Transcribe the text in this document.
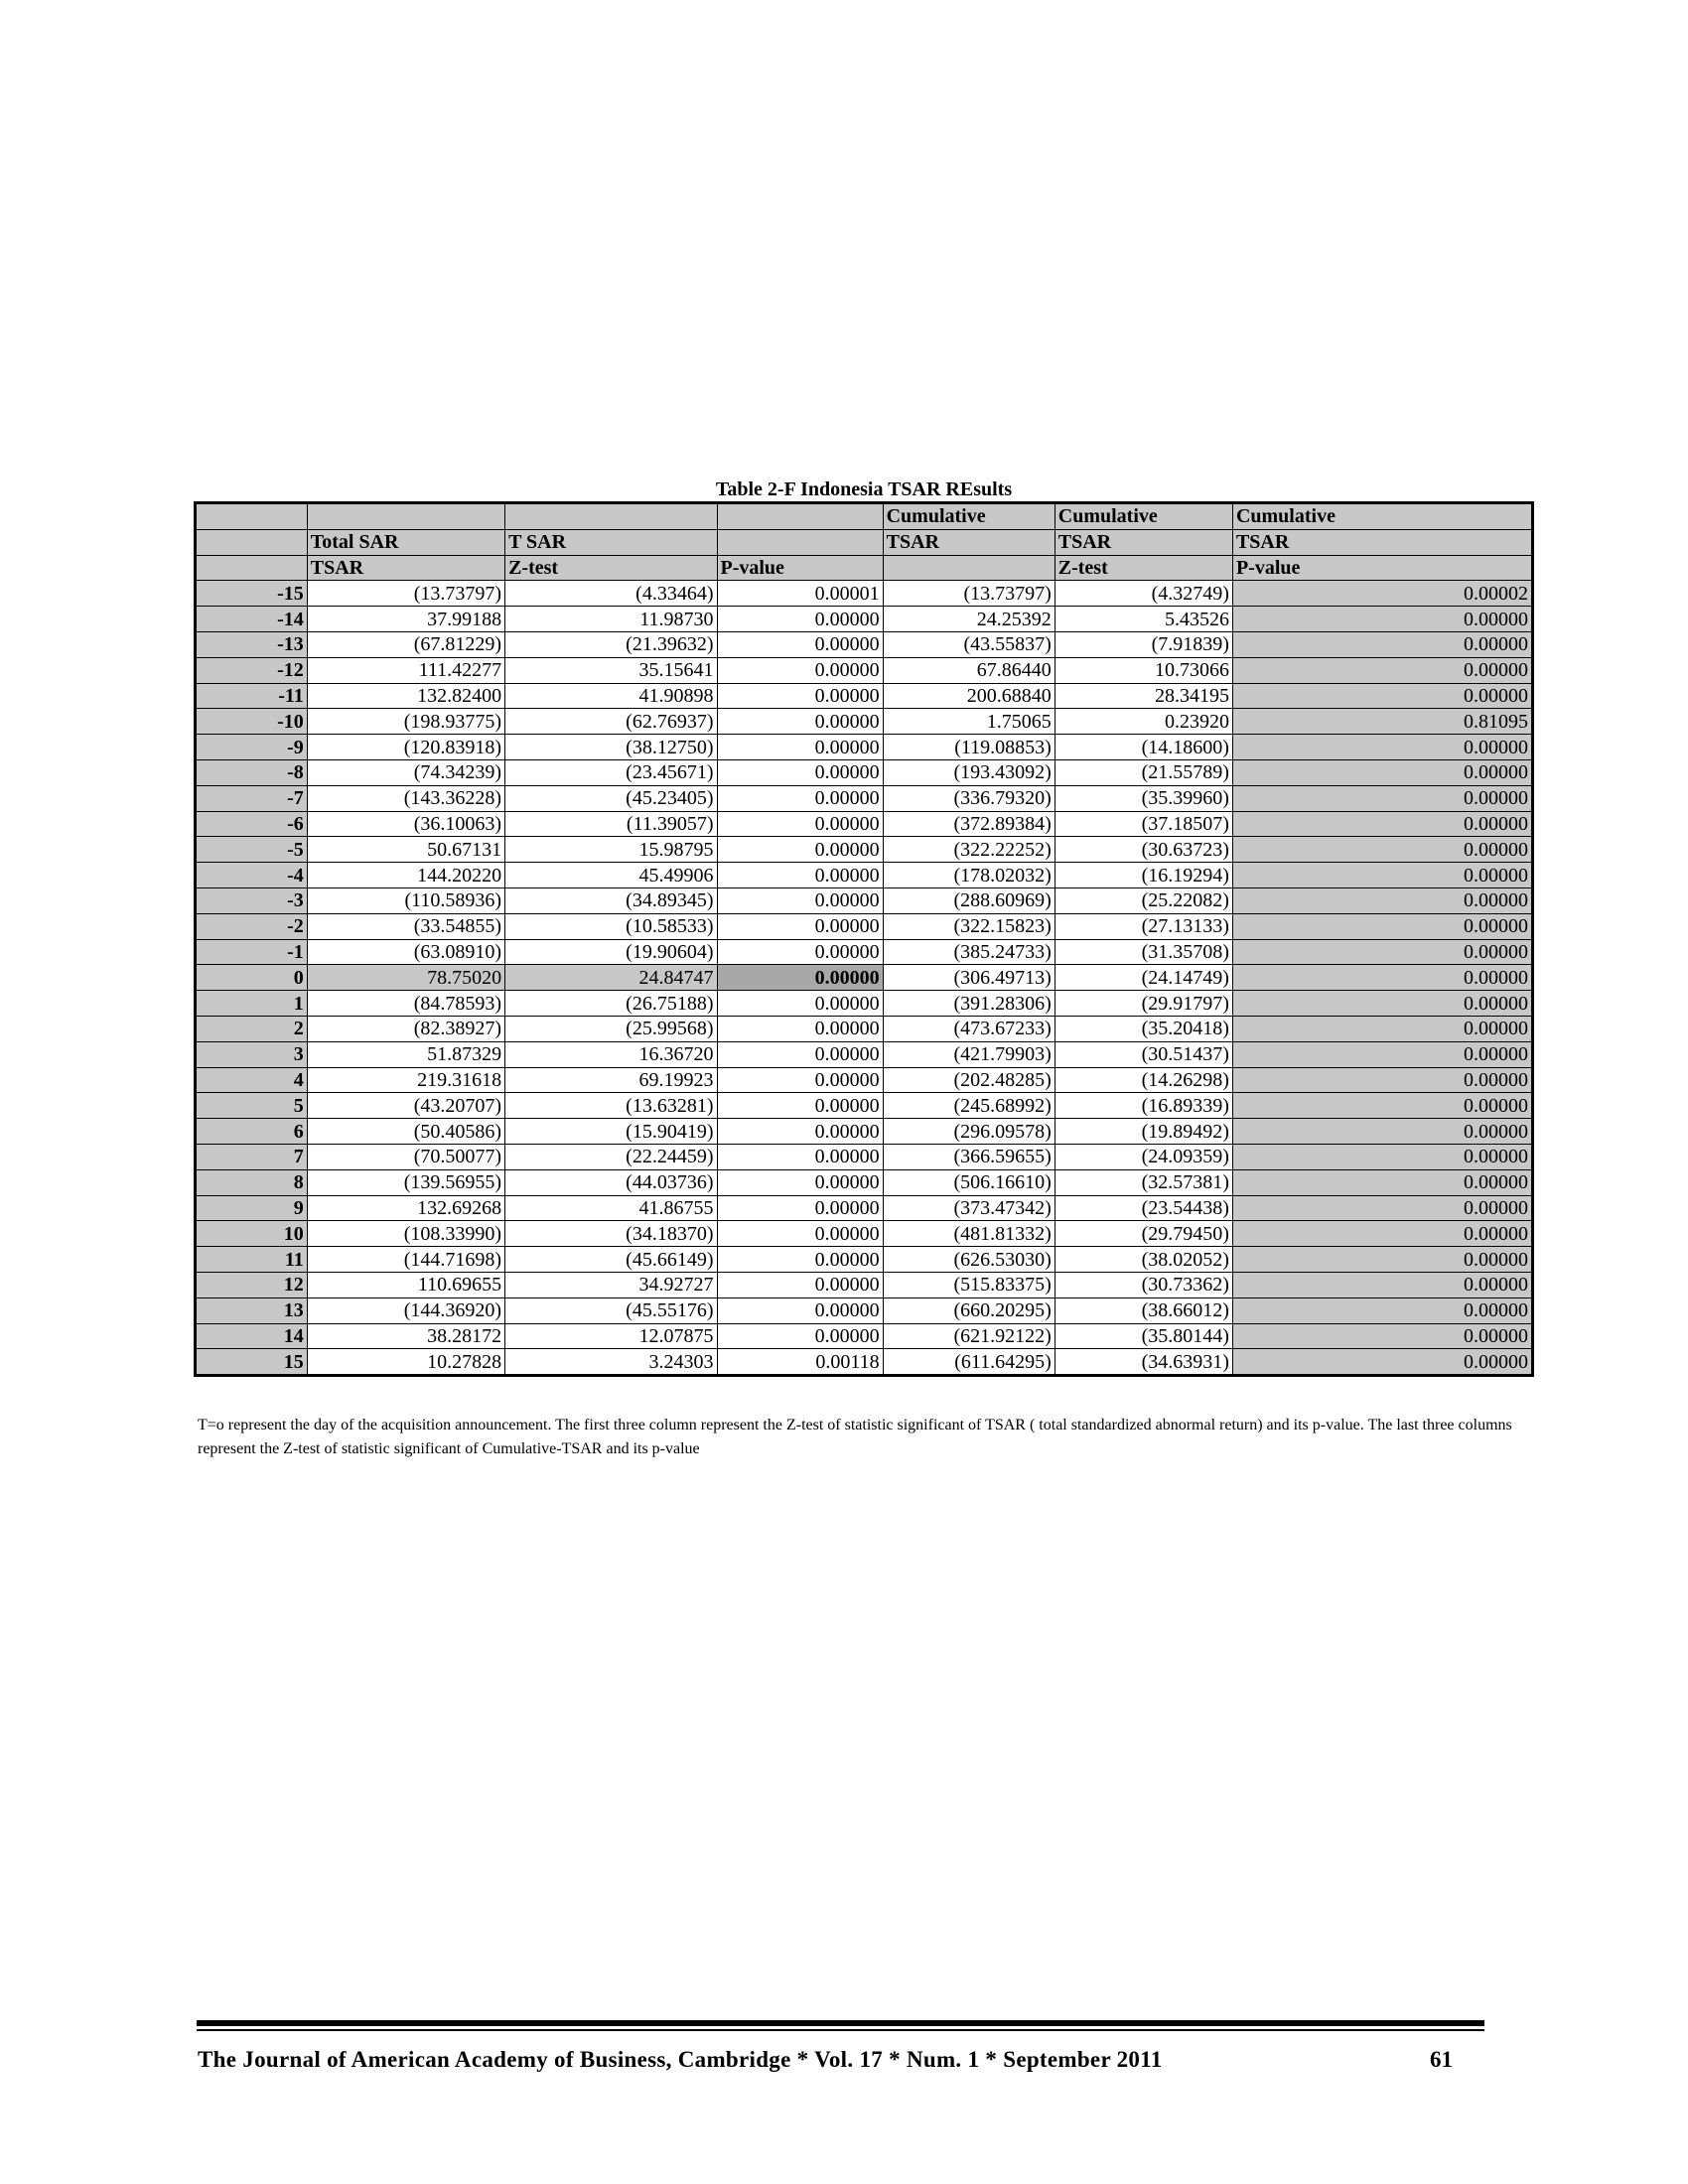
Table 2-F Indonesia TSAR REsults
				Cumulative	Cumulative	Cumulative
	Total SAR	T SAR		TSAR	TSAR	TSAR
	TSAR	Z-test	P-value		Z-test	P-value
-15	(13.73797)	(4.33464)	0.00001	(13.73797)	(4.32749)	0.00002
-14	37.99188	11.98730	0.00000	24.25392	5.43526	0.00000
-13	(67.81229)	(21.39632)	0.00000	(43.55837)	(7.91839)	0.00000
-12	111.42277	35.15641	0.00000	67.86440	10.73066	0.00000
-11	132.82400	41.90898	0.00000	200.68840	28.34195	0.00000
-10	(198.93775)	(62.76937)	0.00000	1.75065	0.23920	0.81095
-9	(120.83918)	(38.12750)	0.00000	(119.08853)	(14.18600)	0.00000
-8	(74.34239)	(23.45671)	0.00000	(193.43092)	(21.55789)	0.00000
-7	(143.36228)	(45.23405)	0.00000	(336.79320)	(35.39960)	0.00000
-6	(36.10063)	(11.39057)	0.00000	(372.89384)	(37.18507)	0.00000
-5	50.67131	15.98795	0.00000	(322.22252)	(30.63723)	0.00000
-4	144.20220	45.49906	0.00000	(178.02032)	(16.19294)	0.00000
-3	(110.58936)	(34.89345)	0.00000	(288.60969)	(25.22082)	0.00000
-2	(33.54855)	(10.58533)	0.00000	(322.15823)	(27.13133)	0.00000
-1	(63.08910)	(19.90604)	0.00000	(385.24733)	(31.35708)	0.00000
0	78.75020	24.84747	0.00000	(306.49713)	(24.14749)	0.00000
1	(84.78593)	(26.75188)	0.00000	(391.28306)	(29.91797)	0.00000
2	(82.38927)	(25.99568)	0.00000	(473.67233)	(35.20418)	0.00000
3	51.87329	16.36720	0.00000	(421.79903)	(30.51437)	0.00000
4	219.31618	69.19923	0.00000	(202.48285)	(14.26298)	0.00000
5	(43.20707)	(13.63281)	0.00000	(245.68992)	(16.89339)	0.00000
6	(50.40586)	(15.90419)	0.00000	(296.09578)	(19.89492)	0.00000
7	(70.50077)	(22.24459)	0.00000	(366.59655)	(24.09359)	0.00000
8	(139.56955)	(44.03736)	0.00000	(506.16610)	(32.57381)	0.00000
9	132.69268	41.86755	0.00000	(373.47342)	(23.54438)	0.00000
10	(108.33990)	(34.18370)	0.00000	(481.81332)	(29.79450)	0.00000
11	(144.71698)	(45.66149)	0.00000	(626.53030)	(38.02052)	0.00000
12	110.69655	34.92727	0.00000	(515.83375)	(30.73362)	0.00000
13	(144.36920)	(45.55176)	0.00000	(660.20295)	(38.66012)	0.00000
14	38.28172	12.07875	0.00000	(621.92122)	(35.80144)	0.00000
15	10.27828	3.24303	0.00118	(611.64295)	(34.63931)	0.00000
T=o represent the day of the acquisition announcement. The first three column represent the Z-test of statistic significant of TSAR ( total standardized abnormal return) and its p-value. The last three columns represent the Z-test of statistic significant of Cumulative-TSAR and its p-value
The Journal of American Academy of Business, Cambridge * Vol. 17 * Num. 1 * September 2011	61
